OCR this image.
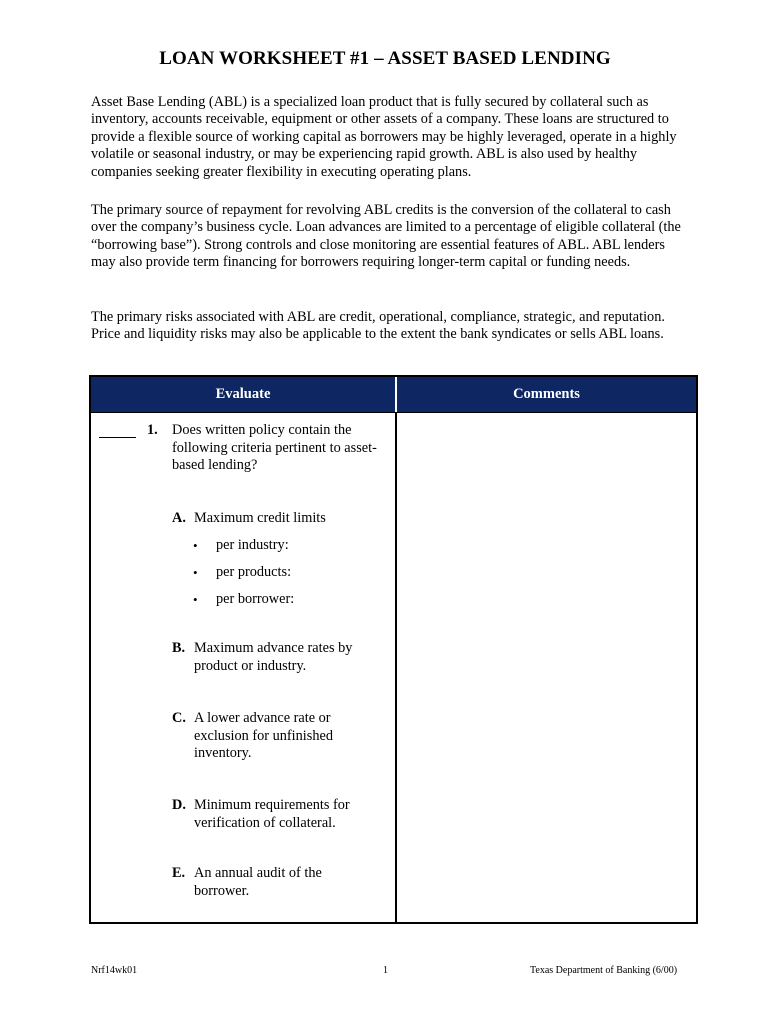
LOAN WORKSHEET #1 – ASSET BASED LENDING

Asset Base Lending (ABL) is a specialized loan product that is fully secured by collateral such as inventory, accounts receivable, equipment or other assets of a company. These loans are structured to provide a flexible source of working capital as borrowers may be highly leveraged, operate in a highly volatile or seasonal industry, or may be experiencing rapid growth. ABL is also used by healthy companies seeking greater flexibility in executing operating plans.

The primary source of repayment for revolving ABL credits is the conversion of the collateral to cash over the company’s business cycle. Loan advances are limited to a percentage of eligible collateral (the “borrowing base”). Strong controls and close monitoring are essential features of ABL. ABL lenders may also provide term financing for borrowers requiring longer-term capital or funding needs.

The primary risks associated with ABL are credit, operational, compliance, strategic, and reputation. Price and liquidity risks may also be applicable to the extent the bank syndicates or sells ABL loans.

Evaluate	Comments
1. Does written policy contain the following criteria pertinent to asset-based lending?
A. Maximum credit limits
• per industry:
• per products:
• per borrower:
B. Maximum advance rates by product or industry.
C. A lower advance rate or exclusion for unfinished inventory.
D. Minimum requirements for verification of collateral.
E. An annual audit of the borrower.
Nrf14wk01	1	Texas Department of Banking (6/00)
